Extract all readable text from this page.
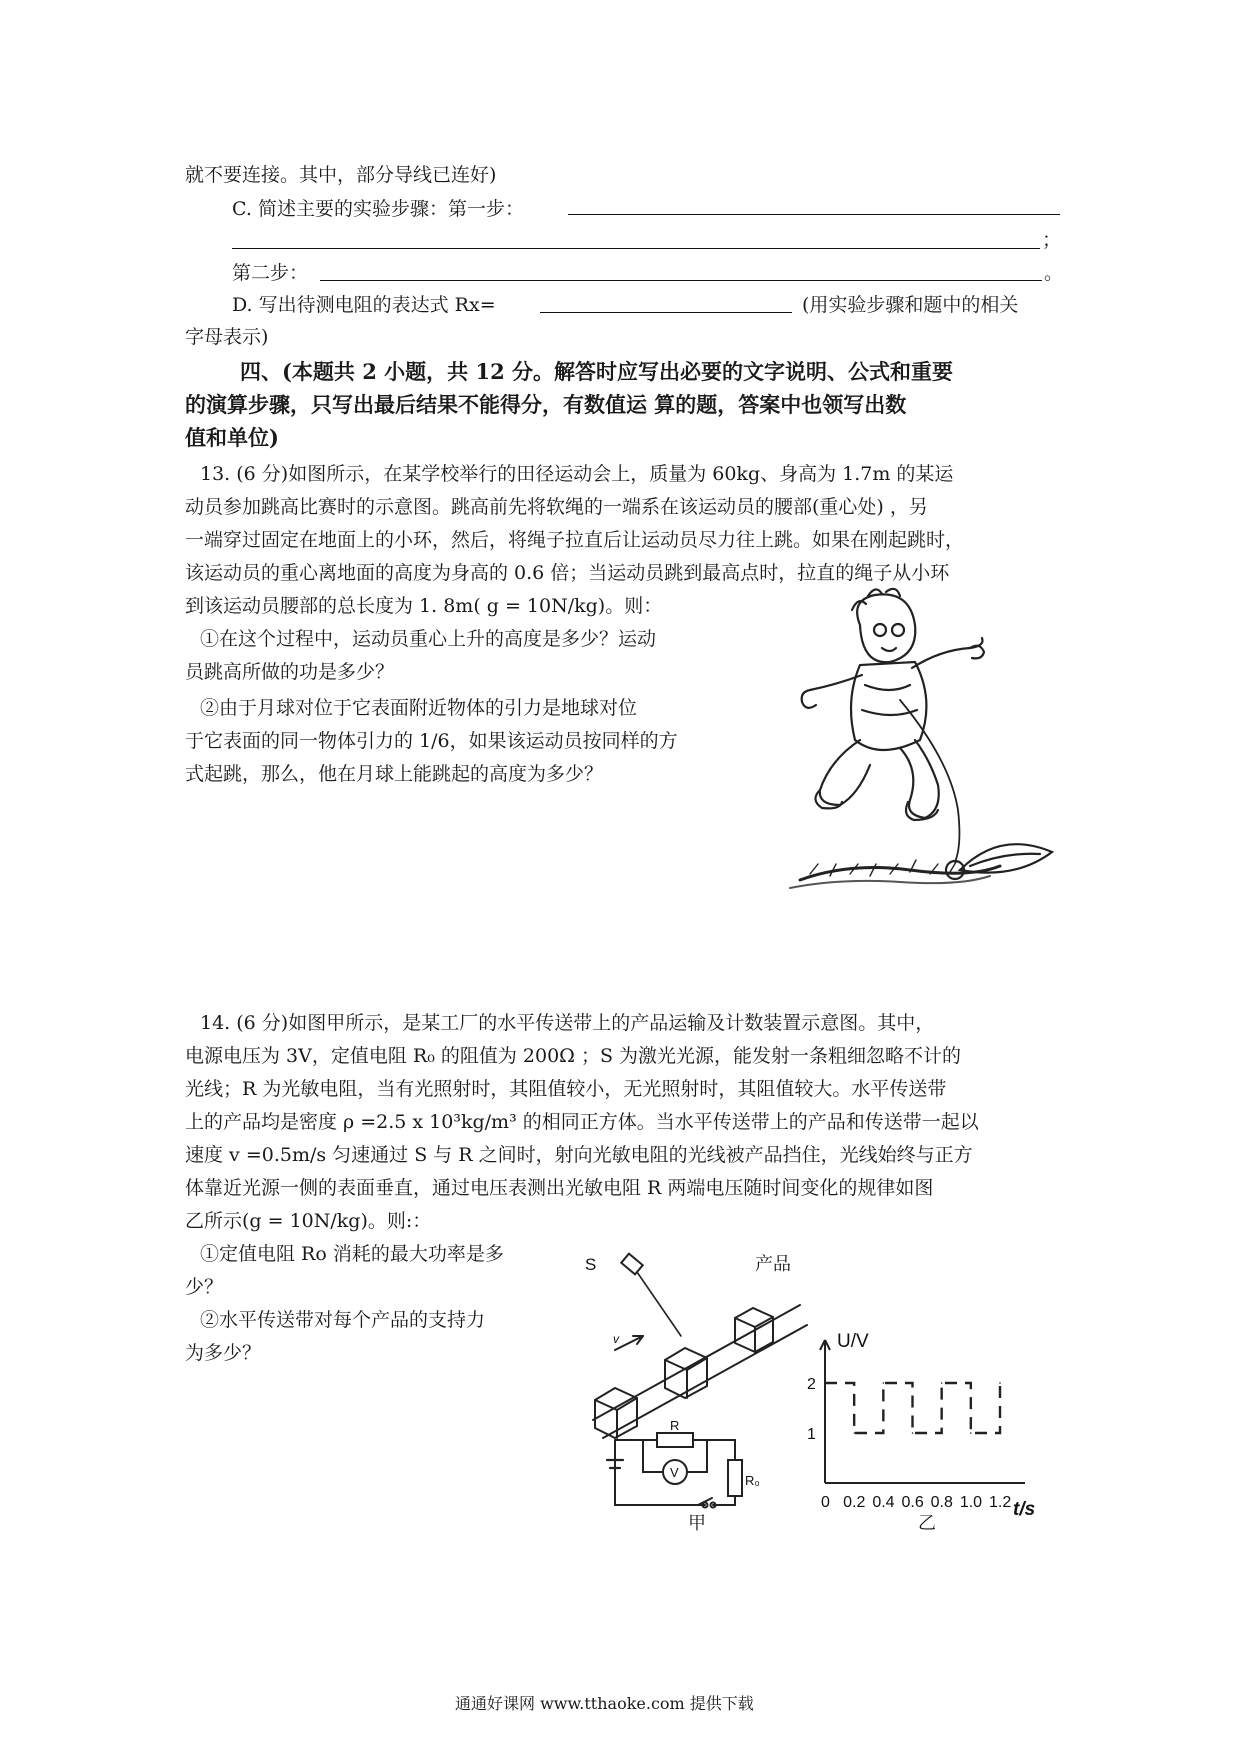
就不要连接。其中，部分导线已连好)
C. 简述主要的实验步骤：第一步：
；
第二步：	。
D. 写出待测电阻的表达式 Rx=	(用实验步骤和题中的相关
字母表示)
四、(本题共 2 小题，共 12 分。解答时应写出必要的文字说明、公式和重要
的演算步骤，只写出最后结果不能得分，有数值运 算的题，答案中也领写出数
值和单位)
13. (6 分)如图所示，在某学校举行的田径运动会上，质量为 60kg、身高为 1.7m 的某运
动员参加跳高比赛时的示意图。跳高前先将软绳的一端系在该运动员的腰部(重心处) ，另
一端穿过固定在地面上的小环，然后，将绳子拉直后让运动员尽力往上跳。如果在刚起跳时，
该运动员的重心离地面的高度为身高的 0.6 倍；当运动员跳到最高点时，拉直的绳子从小环
到该运动员腰部的总长度为 1. 8m( g = 10N/kg)。则：
①在这个过程中，运动员重心上升的高度是多少？运动
员跳高所做的功是多少？
②由于月球对位于它表面附近物体的引力是地球对位
于它表面的同一物体引力的 1/6，如果该运动员按同样的方
式起跳，那么，他在月球上能跳起的高度为多少？
14. (6 分)如图甲所示，是某工厂的水平传送带上的产品运输及计数装置示意图。其中，
电源电压为 3V，定值电阻 R₀ 的阻值为 200Ω ；S 为激光光源，能发射一条粗细忽略不计的
光线；R 为光敏电阻，当有光照射时，其阻值较小，无光照射时，其阻值较大。水平传送带
上的产品均是密度 ρ =2.5 x 10³kg/m³ 的相同正方体。当水平传送带上的产品和传送带一起以
速度 v =0.5m/s 匀速通过 S 与 R 之间时，射向光敏电阻的光线被产品挡住，光线始终与正方
体靠近光源一侧的表面垂直，通过电压表测出光敏电阻 R 两端电压随时间变化的规律如图
乙所示(g = 10N/kg)。则:：
①定值电阻 Ro 消耗的最大功率是多
少？
②水平传送带对每个产品的支持力
为多少？
S	产品
v
R
V
R₀
甲
0 0.2 0.4 0.6 0.8 1.0 1.2
1
2
U/V
t/s
乙
通通好课网 www.tthaoke.com 提供下载
